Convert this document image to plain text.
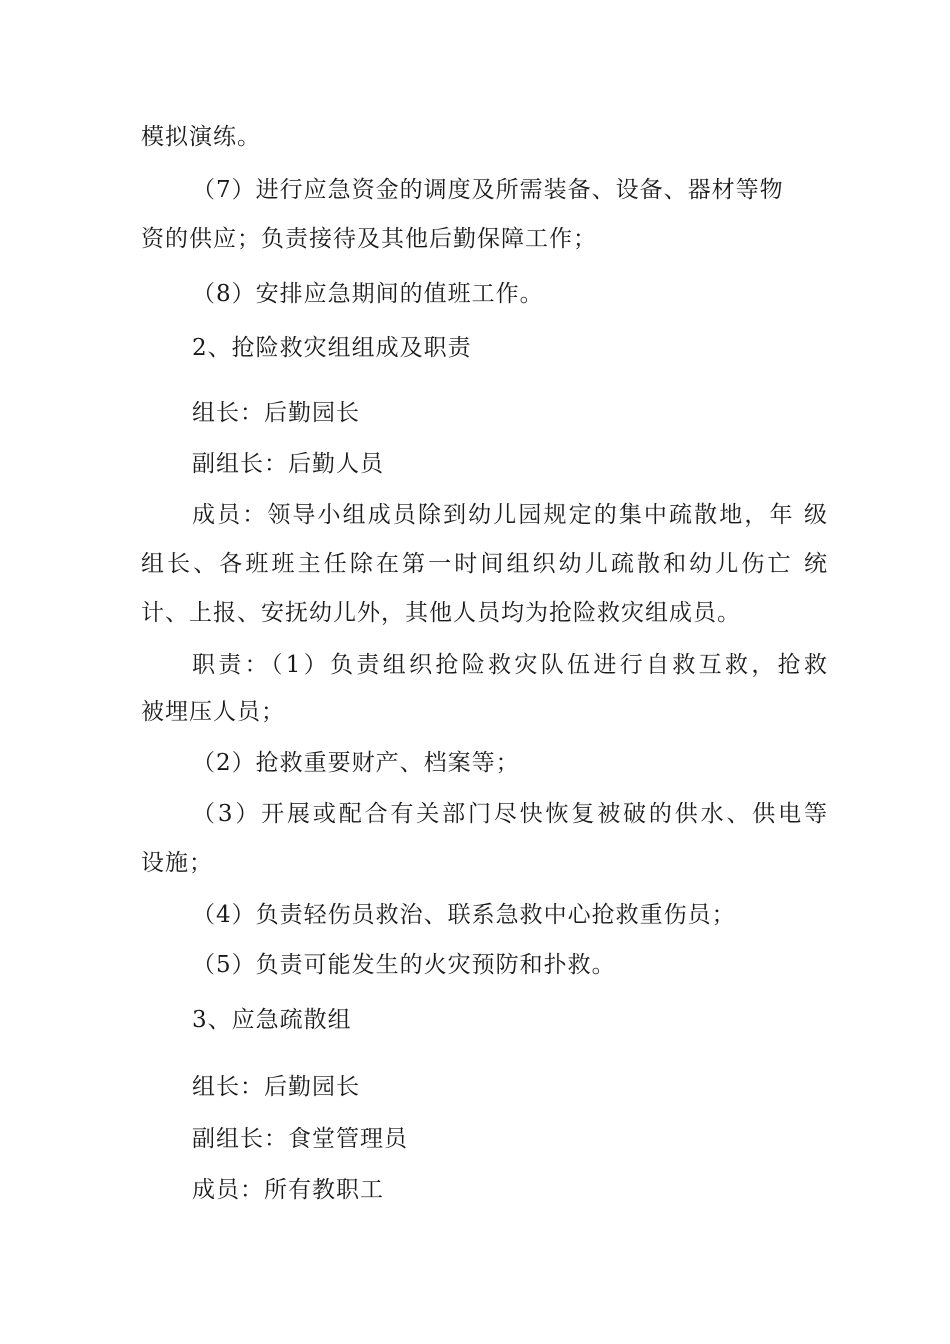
模拟演练。
（7）进行应急资金的调度及所需装备、设备、器材等物
资的供应；负责接待及其他后勤保障工作；
（8）安排应急期间的值班工作。
2、抢险救灾组组成及职责
组长：后勤园长
副组长：后勤人员
成员：领导小组成员除到幼儿园规定的集中疏散地，年 级
组长、各班班主任除在第一时间组织幼儿疏散和幼儿伤亡 统
计、上报、安抚幼儿外，其他人员均为抢险救灾组成员。
职责：（1）负责组织抢险救灾队伍进行自救互救，抢救
被埋压人员；
（2）抢救重要财产、档案等；
（3）开展或配合有关部门尽快恢复被破的供水、供电等
设施；
（4）负责轻伤员救治、联系急救中心抢救重伤员；
（5）负责可能发生的火灾预防和扑救。
3、应急疏散组
组长：后勤园长
副组长：食堂管理员
成员：所有教职工
